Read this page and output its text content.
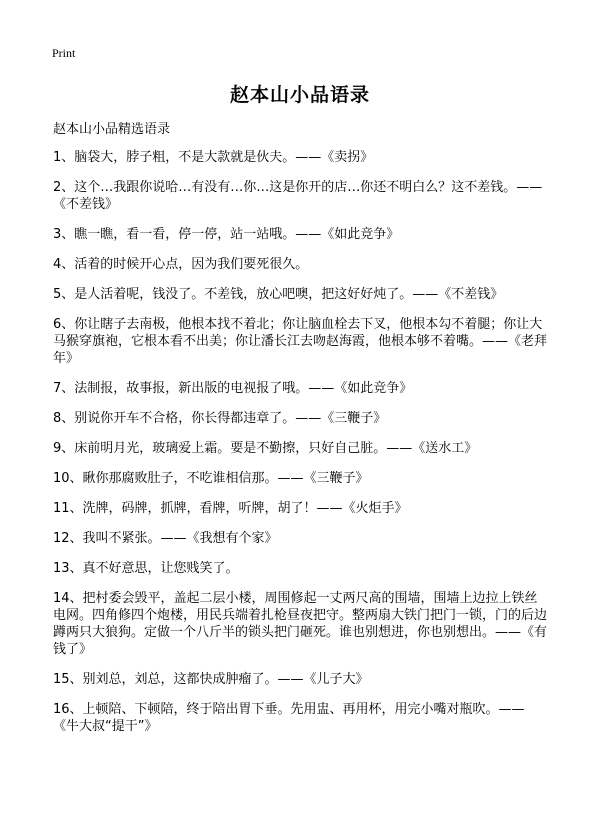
Print
赵本山小品语录
赵本山小品精选语录
1、脑袋大，脖子粗，不是大款就是伙夫。——《卖拐》
2、这个…我跟你说哈…有没有…你…这是你开的店…你还不明白么？这不差钱。——《不差钱》
3、瞧一瞧，看一看，停一停，站一站哦。——《如此竞争》
4、活着的时候开心点，因为我们要死很久。
5、是人活着呢，钱没了。不差钱，放心吧噢，把这好好炖了。——《不差钱》
6、你让瞎子去南极，他根本找不着北；你让脑血栓去下叉，他根本勾不着腿；你让大马猴穿旗袍，它根本看不出美；你让潘长江去吻赵海霞，他根本够不着嘴。——《老拜年》
7、法制报，故事报，新出版的电视报了哦。——《如此竞争》
8、别说你开车不合格，你长得都违章了。——《三鞭子》
9、床前明月光，玻璃爱上霜。要是不勤擦，只好自己脏。——《送水工》
10、瞅你那腐败肚子，不吃谁相信那。——《三鞭子》
11、洗牌，码牌，抓牌，看牌，听牌，胡了！——《火炬手》
12、我叫不紧张。——《我想有个家》
13、真不好意思，让您贱笑了。
14、把村委会毁平，盖起二层小楼，周围修起一丈两尺高的围墙，围墙上边拉上铁丝电网。四角修四个炮楼，用民兵端着扎枪昼夜把守。整两扇大铁门把门一锁，门的后边蹲两只大狼狗。定做一个八斤半的锁头把门砸死。谁也别想进，你也别想出。——《有钱了》
15、别刘总，刘总，这都快成肿瘤了。——《儿子大》
16、上顿陪、下顿陪，终于陪出胃下垂。先用盅、再用杯，用完小嘴对瓶吹。——《牛大叔“提干”》
